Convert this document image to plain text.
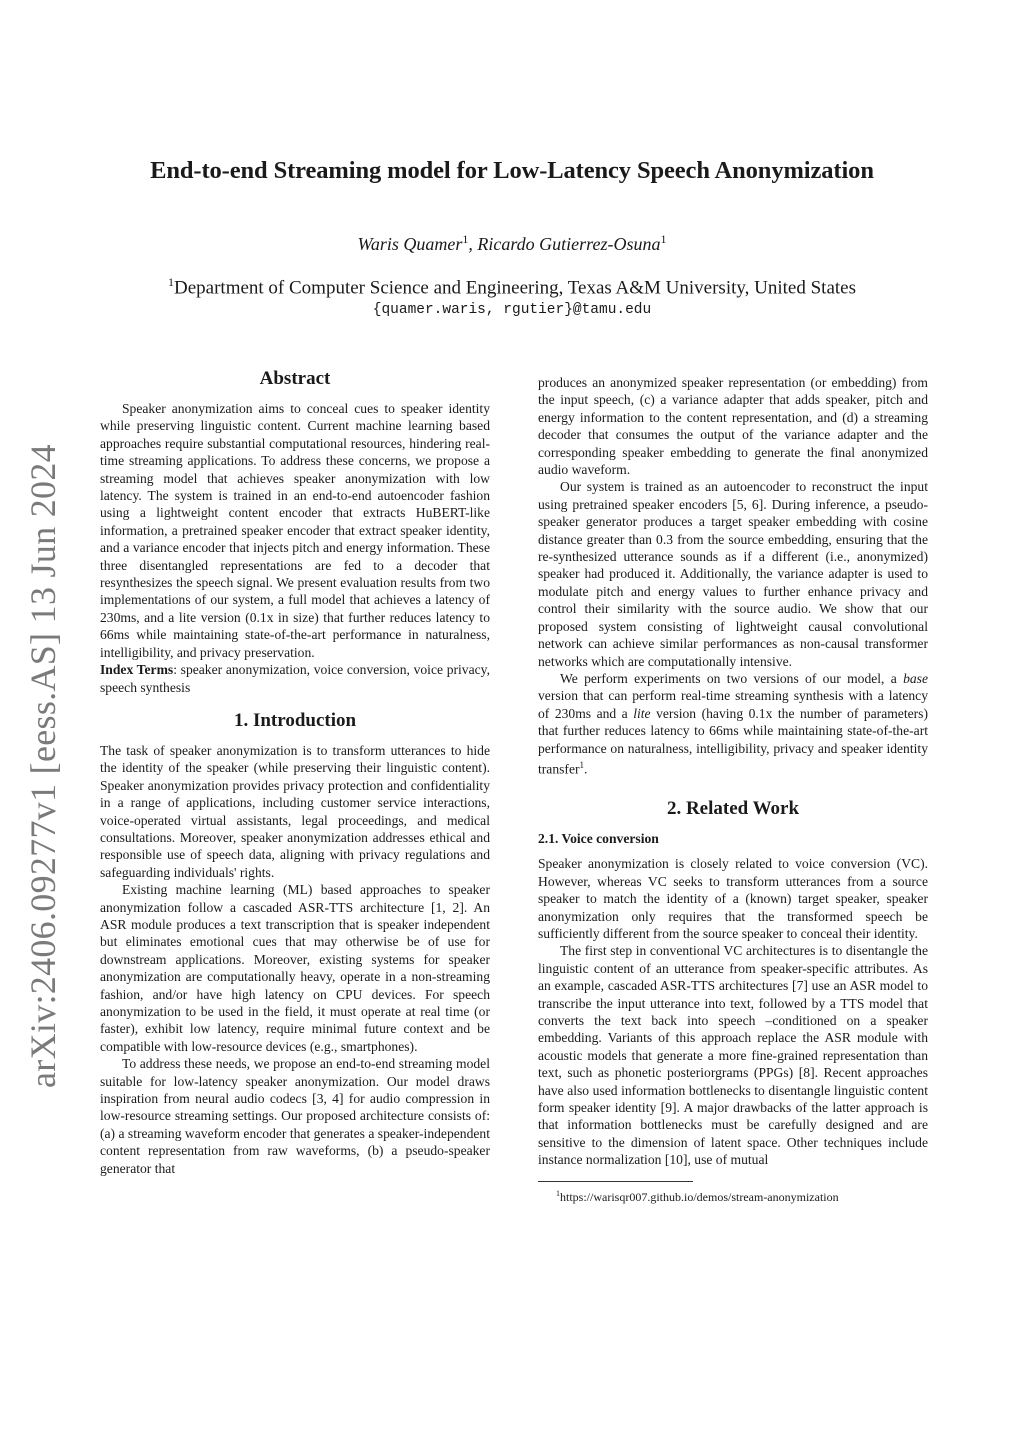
arXiv:2406.09277v1 [eess.AS] 13 Jun 2024
End-to-end Streaming model for Low-Latency Speech Anonymization
Waris Quamer$^1$, Ricardo Gutierrez-Osuna$^1$
$^1$Department of Computer Science and Engineering, Texas A&M University, United States
{quamer.waris, rgutier}@tamu.edu
Abstract

Speaker anonymization aims to conceal cues to speaker identity while preserving linguistic content. Current machine learning based approaches require substantial computational resources, hindering real-time streaming applications. To address these concerns, we propose a streaming model that achieves speaker anonymization with low latency. The system is trained in an end-to-end autoencoder fashion using a lightweight content encoder that extracts HuBERT-like information, a pretrained speaker encoder that extract speaker identity, and a variance encoder that injects pitch and energy information. These three disentangled representations are fed to a decoder that resynthesizes the speech signal. We present evaluation results from two implementations of our system, a full model that achieves a latency of 230ms, and a lite version (0.1x in size) that further reduces latency to 66ms while maintaining state-of-the-art performance in naturalness, intelligibility, and privacy preservation.

Index Terms: speaker anonymization, voice conversion, voice privacy, speech synthesis

1. Introduction

The task of speaker anonymization is to transform utterances to hide the identity of the speaker (while preserving their linguistic content). Speaker anonymization provides privacy protection and confidentiality in a range of applications, including customer service interactions, voice-operated virtual assistants, legal proceedings, and medical consultations. Moreover, speaker anonymization addresses ethical and responsible use of speech data, aligning with privacy regulations and safeguarding individuals' rights.

Existing machine learning (ML) based approaches to speaker anonymization follow a cascaded ASR-TTS architecture [1, 2]. An ASR module produces a text transcription that is speaker independent but eliminates emotional cues that may otherwise be of use for downstream applications. Moreover, existing systems for speaker anonymization are computationally heavy, operate in a non-streaming fashion, and/or have high latency on CPU devices. For speech anonymization to be used in the field, it must operate at real time (or faster), exhibit low latency, require minimal future context and be compatible with low-resource devices (e.g., smartphones).

To address these needs, we propose an end-to-end streaming model suitable for low-latency speaker anonymization. Our model draws inspiration from neural audio codecs [3, 4] for audio compression in low-resource streaming settings. Our proposed architecture consists of: (a) a streaming waveform encoder that generates a speaker-independent content representation from raw waveforms, (b) a pseudo-speaker generator that

produces an anonymized speaker representation (or embedding) from the input speech, (c) a variance adapter that adds speaker, pitch and energy information to the content representation, and (d) a streaming decoder that consumes the output of the variance adapter and the corresponding speaker embedding to generate the final anonymized audio waveform.

Our system is trained as an autoencoder to reconstruct the input using pretrained speaker encoders [5, 6]. During inference, a pseudo-speaker generator produces a target speaker embedding with cosine distance greater than 0.3 from the source embedding, ensuring that the re-synthesized utterance sounds as if a different (i.e., anonymized) speaker had produced it. Additionally, the variance adapter is used to modulate pitch and energy values to further enhance privacy and control their similarity with the source audio. We show that our proposed system consisting of lightweight causal convolutional network can achieve similar performances as non-causal transformer networks which are computationally intensive.

We perform experiments on two versions of our model, a base version that can perform real-time streaming synthesis with a latency of 230ms and a lite version (having 0.1x the number of parameters) that further reduces latency to 66ms while maintaining state-of-the-art performance on naturalness, intelligibility, privacy and speaker identity transfer$^1$.

2. Related Work
2.1. Voice conversion

Speaker anonymization is closely related to voice conversion (VC). However, whereas VC seeks to transform utterances from a source speaker to match the identity of a (known) target speaker, speaker anonymization only requires that the transformed speech be sufficiently different from the source speaker to conceal their identity.

The first step in conventional VC architectures is to disentangle the linguistic content of an utterance from speaker-specific attributes. As an example, cascaded ASR-TTS architectures [7] use an ASR model to transcribe the input utterance into text, followed by a TTS model that converts the text back into speech –conditioned on a speaker embedding. Variants of this approach replace the ASR module with acoustic models that generate a more fine-grained representation than text, such as phonetic posteriorgrams (PPGs) [8]. Recent approaches have also used information bottlenecks to disentangle linguistic content form speaker identity [9]. A major drawbacks of the latter approach is that information bottlenecks must be carefully designed and are sensitive to the dimension of latent space. Other techniques include instance normalization [10], use of mutual

$^1$https://warisqr007.github.io/demos/stream-anonymization
